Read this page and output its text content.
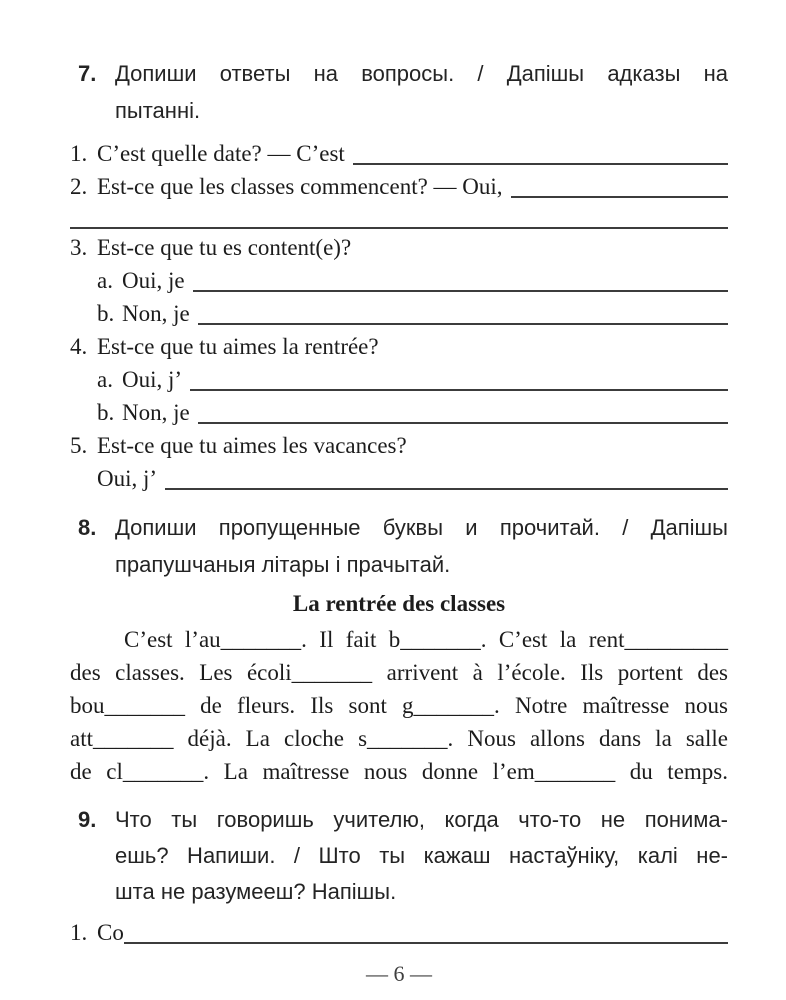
7. Допиши ответы на вопросы. / Дапішы адказы на
пытанні.
1. C’est quelle date? — C’est
2. Est-ce que les classes commencent? — Oui,
3. Est-ce que tu es content(e)?
a. Oui, je
b. Non, je
4. Est-ce que tu aimes la rentrée?
a. Oui, j’
b. Non, je
5. Est-ce que tu aimes les vacances?
Oui, j’
8. Допиши пропущенные буквы и прочитай. / Дапішы
прапушчаныя літары і прачытай.
La rentrée des classes
C’est l’au_______. Il fait b_______. C’est la rent_________
des classes. Les écoli_______ arrivent à l’école. Ils portent des
bou_______ de fleurs. Ils sont g_______. Notre maîtresse nous
att_______ déjà. La cloche s_______. Nous allons dans la salle
de cl_______. La maîtresse nous donne l’em_______ du temps.
9. Что ты говоришь учителю, когда что-то не понима-
ешь? Напиши. / Што ты кажаш настаўніку, калі не-
шта не разумееш? Напішы.
1. Co
— 6 —
